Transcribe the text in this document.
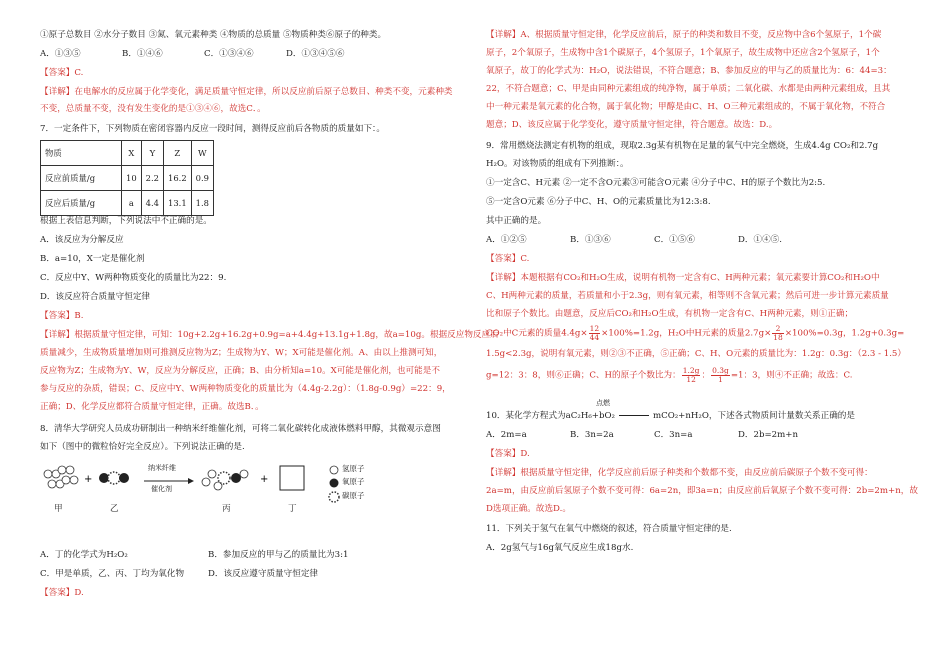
①原子总数目 ②水分子数目 ③氮、氧元素种类 ④物质的总质量 ⑤物质种类⑥原子的种类。
A．①③⑤	B．①④⑥	C．①③④⑥	D．①③④⑤⑥
【答案】C.
【详解】在电解水的反应属于化学变化，满足质量守恒定律，所以反应前后原子总数目、种类不变，元素种类
不变，总质量不变，没有发生变化的是①③④⑥，故选C．。
7．一定条件下，下列物质在密闭容器内反应一段时间，测得反应前后各物质的质量如下：。
物质	X	Y	Z	W
反应前质量/g	10	2.2	16.2	0.9
反应后质量/g	a	4.4	13.1	1.8
根据上表信息判断，下列说法中不正确的是。
A．该反应为分解反应
B．a=10，X一定是催化剂
C．反应中Y、W两种物质变化的质量比为22：9.
D．该反应符合质量守恒定律
【答案】B.
【详解】根据质量守恒定律，可知：10g+2.2g+16.2g+0.9g=a+4.4g+13.1g+1.8g，故a=10g。根据反应物反应后
质量减少，生成物质量增加则可推测反应物为Z；生成物为Y、W；X可能是催化剂。A、由以上推测可知，
反应物为Z；生成物为Y、W，反应为分解反应，正确；B、由分析知a=10。X可能是催化剂，也可能是不
参与反应的杂质，错误；C、反应中Y、W两种物质变化的质量比为（4.4g-2.2g）：（1.8g-0.9g）=22：9，
正确；D、化学反应都符合质量守恒定律，正确。故选B．。
8．清华大学研究人员成功研制出一种纳米纤维催化剂，可将二氧化碳转化成液体燃料甲醇，其微观示意图
如下（图中的微粒恰好完全反应）。下列说法正确的是.
+	+
纳米纤维
催化剂
氢原子
氧原子
碳原子
甲	乙	丙	丁
A．丁的化学式为H₂O₂	B．参加反应的甲与乙的质量比为3:1
C．甲是单质，乙、丙、丁均为氧化物	D．该反应遵守质量守恒定律
【答案】D.
【详解】A、根据质量守恒定律，化学反应前后，原子的种类和数目不变，反应物中含6个氢原子，1个碳
原子，2个氧原子，生成物中含1个碳原子，4个氢原子，1个氧原子，故生成物中还应含2个氢原子，1个
氧原子，故丁的化学式为：H₂O，说法错误，不符合题意；B、参加反应的甲与乙的质量比为：6：44=3：
22，不符合题意；C、甲是由同种元素组成的纯净物，属于单质；二氧化碳、水都是由两种元素组成，且其
中一种元素是氧元素的化合物，属于氧化物；甲醇是由C、H、O三种元素组成的，不属于氧化物，不符合
题意；D、该反应属于化学变化，遵守质量守恒定律，符合题意。故选：D.。
9．常用燃烧法测定有机物的组成，现取2.3g某有机物在足量的氧气中完全燃烧，生成4.4g CO₂和2.7g
H₂O。对该物质的组成有下列推断：。
①一定含C、H元素 ②一定不含O元素③可能含O元素 ④分子中C、H的原子个数比为2:5.
⑤一定含O元素 ⑥分子中C、H、O的元素质量比为12:3:8.
其中正确的是。
A．①②⑤	B．①③⑥	C．①⑤⑥	D．①④⑤.
【答案】C.
【详解】本题根据有CO₂和H₂O生成，说明有机物一定含有C、H两种元素；氧元素要计算CO₂和H₂O中
C、H两种元素的质量，若质量和小于2.3g，则有氧元素，相等则不含氧元素；然后可进一步计算元素质量
比和原子个数比。由题意，反应后CO₂和H₂O生成，有机物一定含有C、H两种元素，则①正确；
CO₂中C元素的质量$4.4g\times \frac{12}{44} \times 100\%=1.2g$，H₂O中H元素的质量$2.7g\times \frac{2}{18} \times 100\%=0.3g$，1.2g+0.3g=
1.5g<2.3g，说明有氧元素，则②③不正确，⑤正确；C、H、O元素的质量比为：1.2g：0.3g：（2.3 - 1.5）
g=12：3：8，则⑥正确；C、H的原子个数比为： $\frac{1.2g}{12}$ ： $\frac{0.3g}{1} =1$：3，则④不正确；故选：C.
点燃
10．某化学方程式为aC₂H₆+bO₂	mCO₂+nH₂O，下述各式物质间计量数关系正确的是
A．2m=a	B．3n=2a	C．3n=a	D．2b=2m+n
【答案】D.
【详解】根据质量守恒定律，化学反应前后原子种类和个数都不变，由反应前后碳原子个数不变可得：
2a=m，由反应前后氢原子个数不变可得：6a=2n，即3a=n；由反应前后氧原子个数不变可得：2b=2m+n，故
D选项正确。故选D.。
11．下列关于氢气在氧气中燃烧的叙述，符合质量守恒定律的是.
A．2g氢气与16g氧气反应生成18g水.
